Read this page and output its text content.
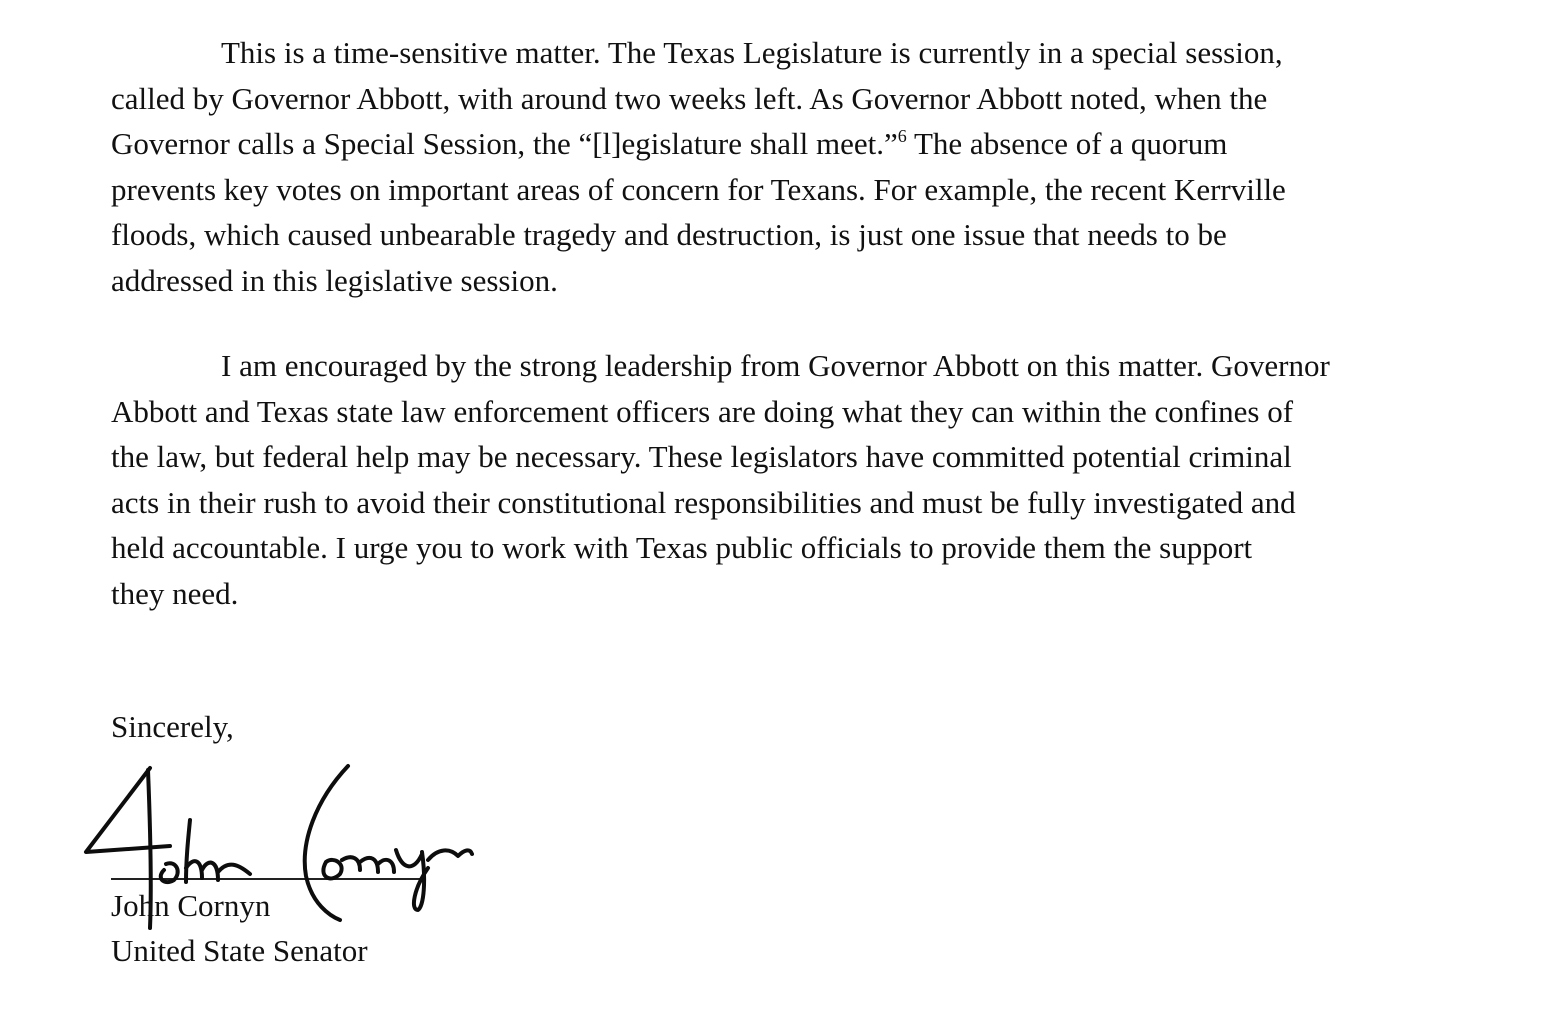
This is a time-sensitive matter. The Texas Legislature is currently in a special session,
called by Governor Abbott, with around two weeks left. As Governor Abbott noted, when the
Governor calls a Special Session, the “[l]egislature shall meet.”$^6$ The absence of a quorum
prevents key votes on important areas of concern for Texans. For example, the recent Kerrville
floods, which caused unbearable tragedy and destruction, is just one issue that needs to be
addressed in this legislative session.

I am encouraged by the strong leadership from Governor Abbott on this matter. Governor
Abbott and Texas state law enforcement officers are doing what they can within the confines of
the law, but federal help may be necessary. These legislators have committed potential criminal
acts in their rush to avoid their constitutional responsibilities and must be fully investigated and
held accountable. I urge you to work with Texas public officials to provide them the support
they need.

Sincerely,

John Cornyn

United State Senator
